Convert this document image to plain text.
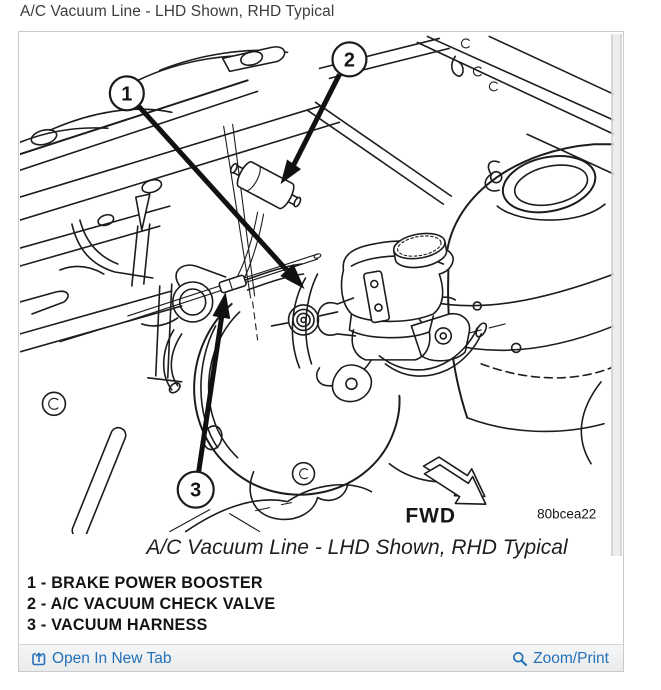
A/C Vacuum Line - LHD Shown, RHD Typical
1
2
3
FWD	80bcea22
A/C Vacuum Line - LHD Shown, RHD Typical
1 - BRAKE POWER BOOSTER
2 - A/C VACUUM CHECK VALVE
3 - VACUUM HARNESS
Open In New Tab	Zoom/Print
